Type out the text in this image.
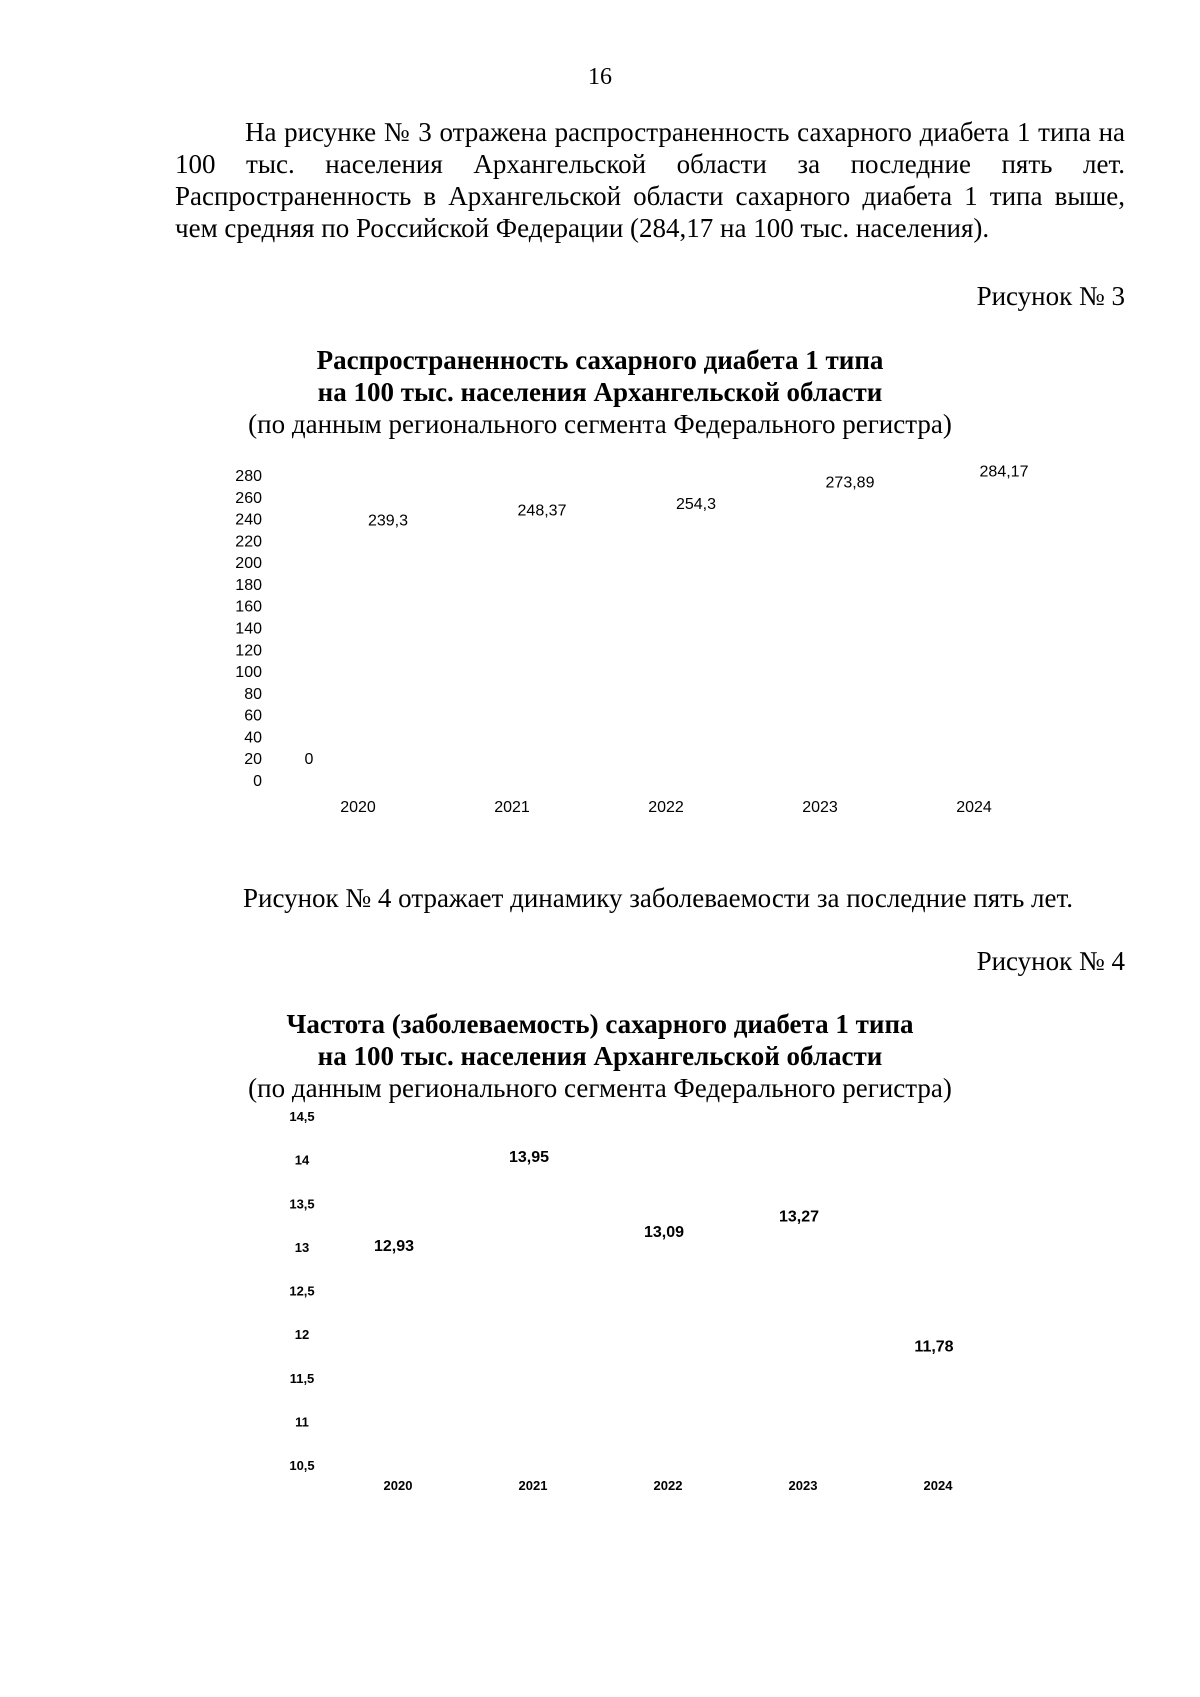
16
На рисунке № 3 отражена распространенность сахарного диабета 1 типа на 100 тыс. населения Архангельской области за последние пять лет. Распространенность в Архангельской области сахарного диабета 1 типа выше, чем средняя по Российской Федерации (284,17 на 100 тыс. населения).
Рисунок № 3
Распространенность сахарного диабета 1 типа
на 100 тыс. населения Архангельской области
(по данным регионального сегмента Федерального регистра)
Рисунок № 4 отражает динамику заболеваемости за последние пять лет.
Рисунок № 4
Частота (заболеваемость) сахарного диабета 1 типа
на 100 тыс. населения Архангельской области
(по данным регионального сегмента Федерального регистра)
0
20
40
60
80
100
120
140
160
180
200
220
240
260
280
2020	2021	2022	2023	2024
239,3
248,37	254,3
273,89
284,17
0
10,5
11
11,5
12
12,5
13
13,5
14
14,5
2020	2021	2022	2023	2024
12,93
13,95
13,09
13,27
11,78
